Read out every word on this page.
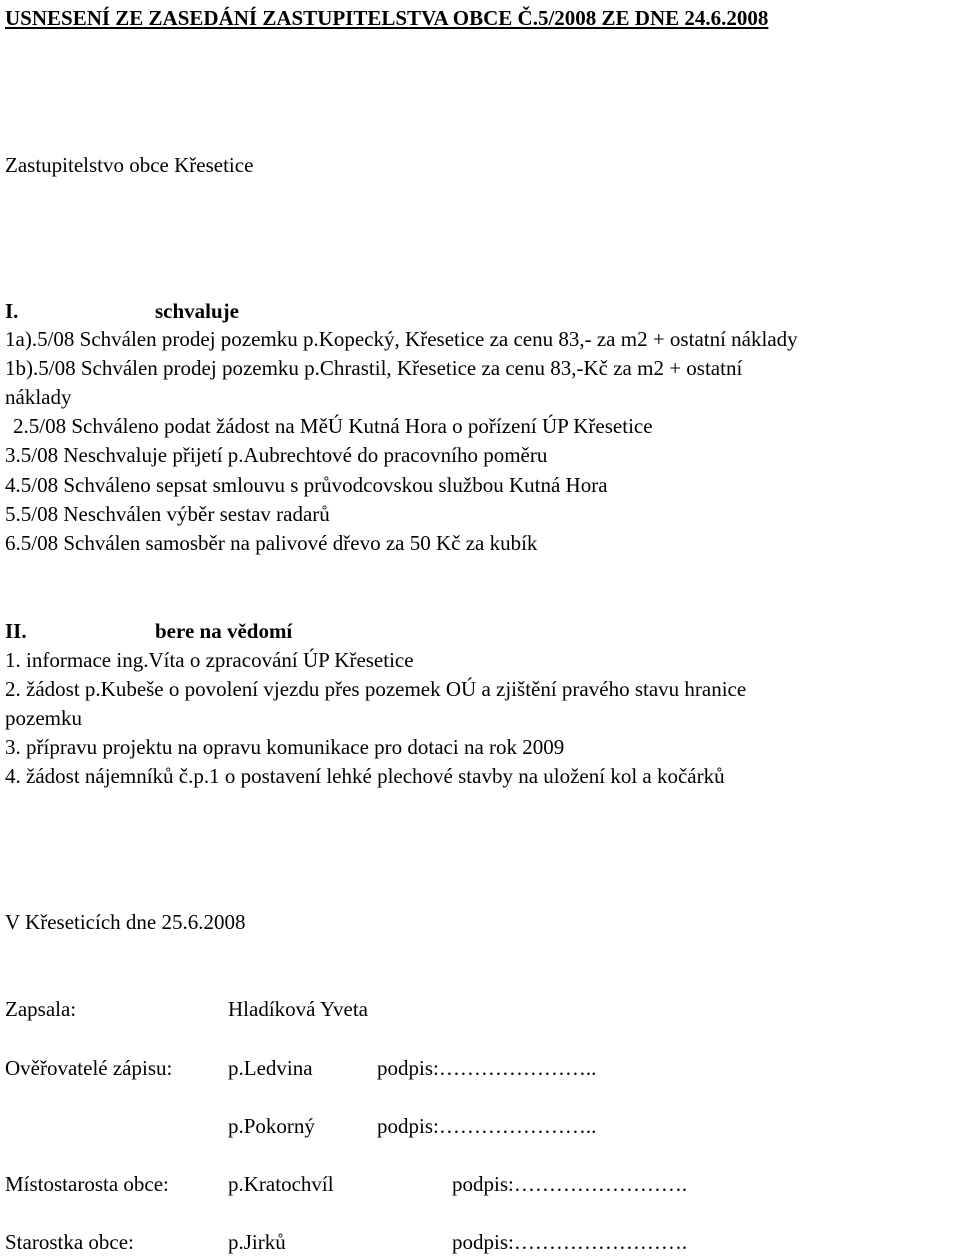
USNESENÍ ZE ZASEDÁNÍ ZASTUPITELSTVA OBCE Č.5/2008 ZE DNE 24.6.2008
Zastupitelstvo obce Křesetice
I.	schvaluje
1a).5/08 Schválen prodej pozemku p.Kopecký, Křesetice za cenu 83,- za m2 + ostatní náklady
1b).5/08 Schválen prodej pozemku p.Chrastil, Křesetice za cenu 83,-Kč za m2 + ostatní
náklady
2.5/08 Schváleno podat žádost na MěÚ Kutná Hora o pořízení ÚP Křesetice
3.5/08 Neschvaluje přijetí p.Aubrechtové do pracovního poměru
4.5/08 Schváleno sepsat smlouvu s průvodcovskou službou Kutná Hora
5.5/08 Neschválen výběr sestav radarů
6.5/08 Schválen samosběr na palivové dřevo za 50 Kč za kubík
II.	bere na vědomí
1. informace ing.Víta o zpracování ÚP Křesetice
2. žádost p.Kubeše o povolení vjezdu přes pozemek OÚ a zjištění pravého stavu hranice
pozemku
3. přípravu projektu na opravu komunikace pro dotaci na rok 2009
4. žádost nájemníků č.p.1 o postavení lehké plechové stavby na uložení kol a kočárků
V Křeseticích dne 25.6.2008
Zapsala:	Hladíková Yveta
Ověřovatelé zápisu:	p.Ledvina	podpis:…………………..
p.Pokorný	podpis:…………………..
Místostarosta obce:	p.Kratochvíl	podpis:…………………….
Starostka obce:	p.Jirků	podpis:…………………….
